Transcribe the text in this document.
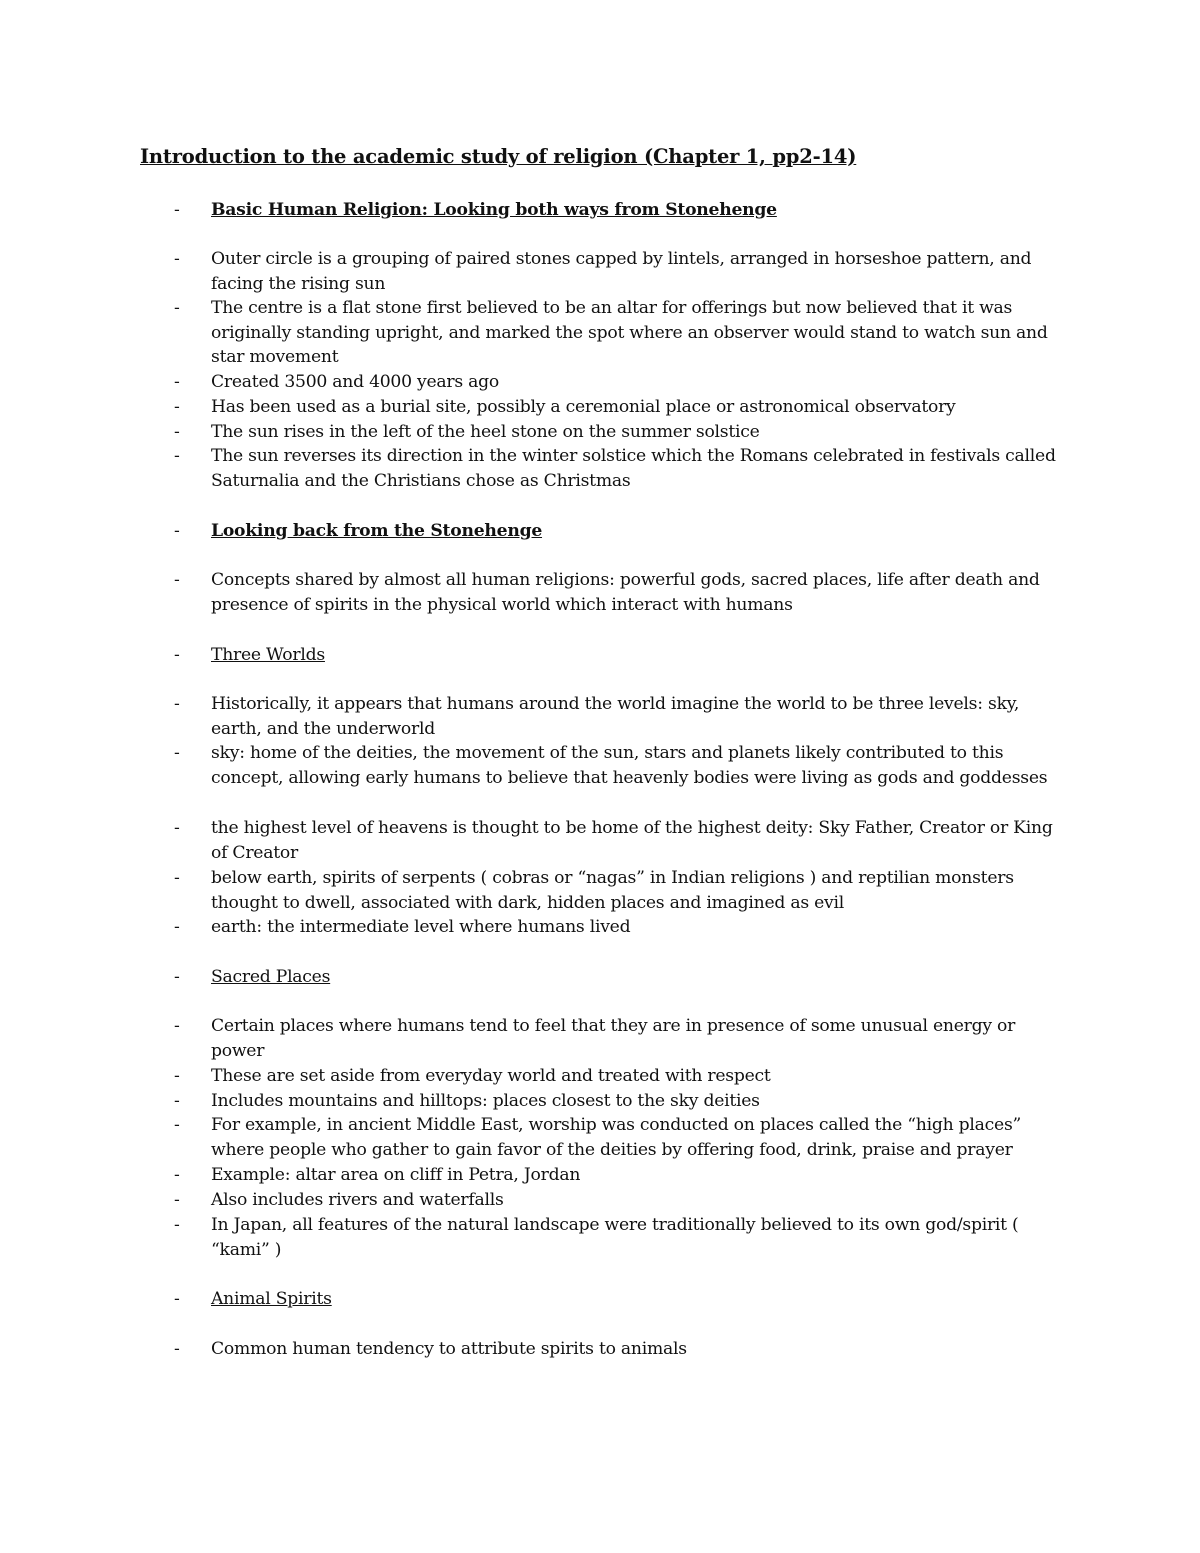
Introduction to the academic study of religion (Chapter 1, pp2-14)
-	Basic Human Religion: Looking both ways from Stonehenge
-	Outer circle is a grouping of paired stones capped by lintels, arranged in horseshoe pattern, and facing the rising sun
-	The centre is a flat stone first believed to be an altar for offerings but now believed that it was originally standing upright, and marked the spot where an observer would stand to watch sun and star movement
-	Created 3500 and 4000 years ago
-	Has been used as a burial site, possibly a ceremonial place or astronomical observatory
-	The sun rises in the left of the heel stone on the summer solstice
-	The sun reverses its direction in the winter solstice which the Romans celebrated in festivals called Saturnalia and the Christians chose as Christmas
-	Looking back from the Stonehenge
-	Concepts shared by almost all human religions: powerful gods, sacred places, life after death and presence of spirits in the physical world which interact with humans
-	Three Worlds
-	Historically, it appears that humans around the world imagine the world to be three levels: sky, earth, and the underworld
-	sky: home of the deities, the movement of the sun, stars and planets likely contributed to this concept, allowing early humans to believe that heavenly bodies were living as gods and goddesses
-	the highest level of heavens is thought to be home of the highest deity: Sky Father, Creator or King of Creator
-	below earth, spirits of serpents ( cobras or “nagas” in Indian religions ) and reptilian monsters thought to dwell, associated with dark, hidden places and imagined as evil
-	earth: the intermediate level where humans lived
-	Sacred Places
-	Certain places where humans tend to feel that they are in presence of some unusual energy or power
-	These are set aside from everyday world and treated with respect
-	Includes mountains and hilltops: places closest to the sky deities
-	For example, in ancient Middle East, worship was conducted on places called the “high places” where people who gather to gain favor of the deities by offering food, drink, praise and prayer
-	Example: altar area on cliff in Petra, Jordan
-	Also includes rivers and waterfalls
-	In Japan, all features of the natural landscape were traditionally believed to its own god/spirit ( “kami” )
-	Animal Spirits
-	Common human tendency to attribute spirits to animals
